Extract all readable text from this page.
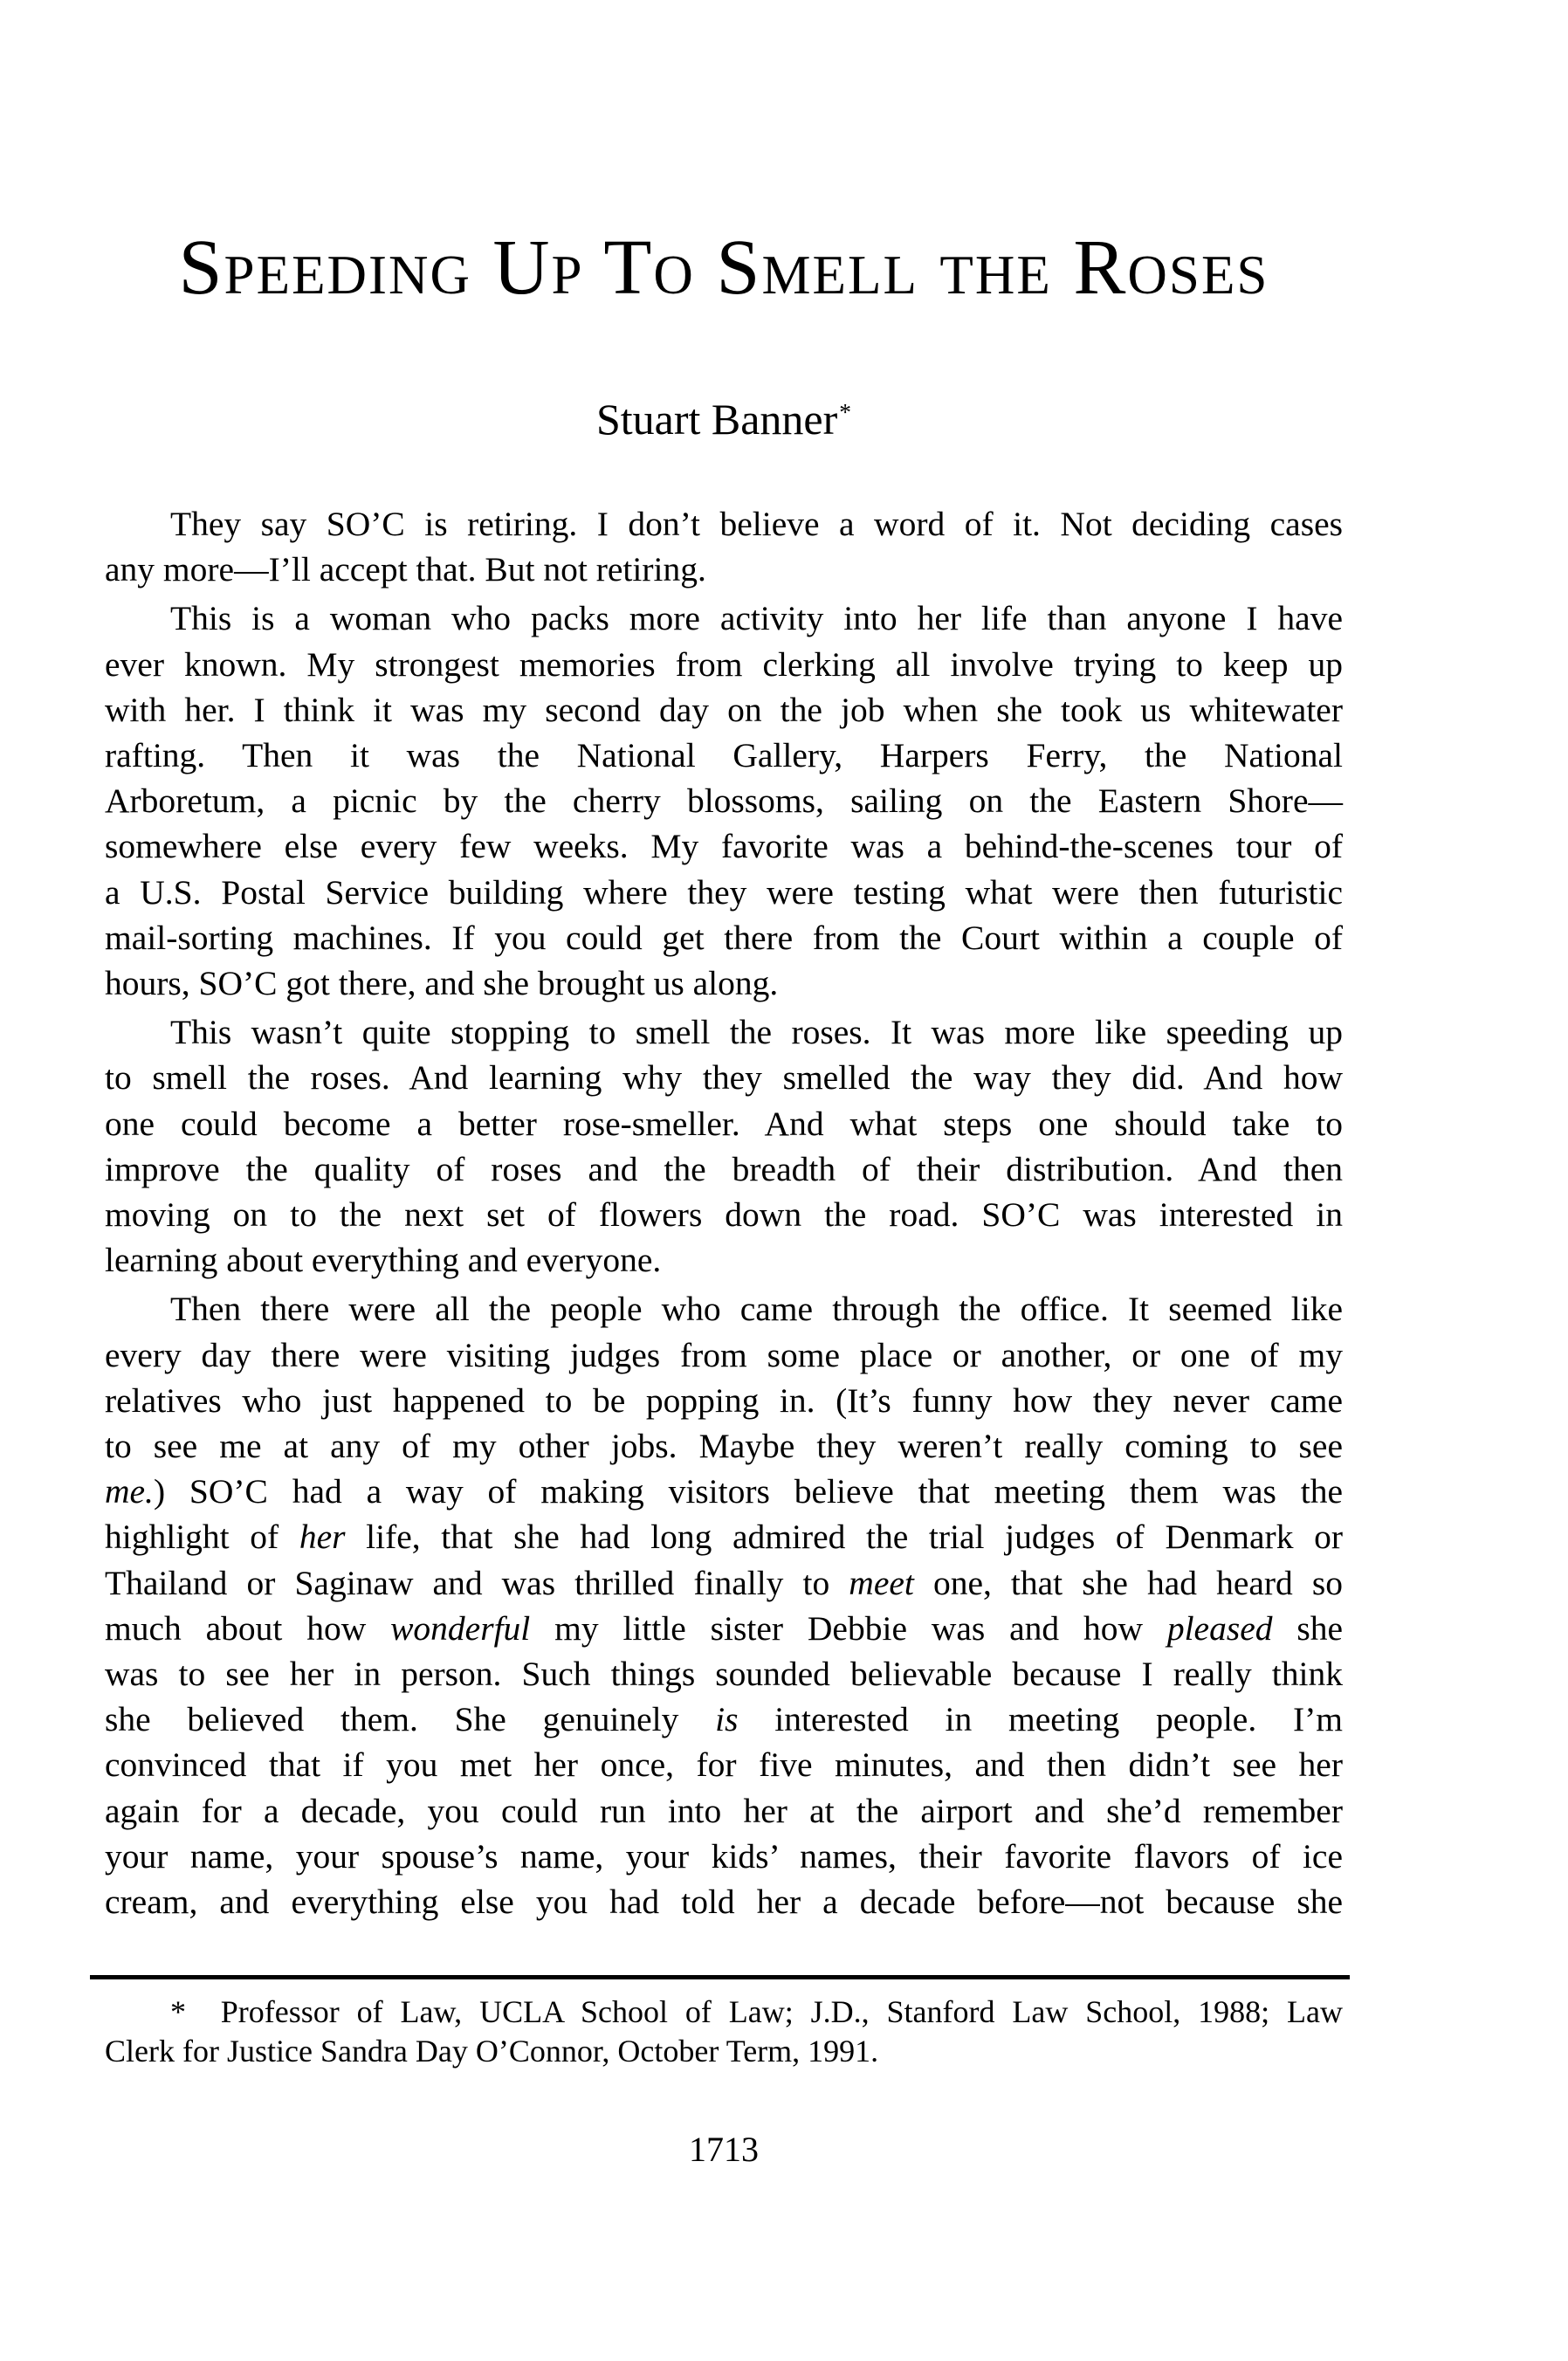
Speeding Up To Smell the Roses
Stuart Banner*
They say SO’C is retiring. I don’t believe a word of it. Not deciding cases
any more—I’ll accept that. But not retiring.
This is a woman who packs more activity into her life than anyone I have
ever known. My strongest memories from clerking all involve trying to keep up
with her. I think it was my second day on the job when she took us whitewater
rafting. Then it was the National Gallery, Harpers Ferry, the National
Arboretum, a picnic by the cherry blossoms, sailing on the Eastern Shore—
somewhere else every few weeks. My favorite was a behind-the-scenes tour of
a U.S. Postal Service building where they were testing what were then futuristic
mail-sorting machines. If you could get there from the Court within a couple of
hours, SO’C got there, and she brought us along.
This wasn’t quite stopping to smell the roses. It was more like speeding up
to smell the roses. And learning why they smelled the way they did. And how
one could become a better rose-smeller. And what steps one should take to
improve the quality of roses and the breadth of their distribution. And then
moving on to the next set of flowers down the road. SO’C was interested in
learning about everything and everyone.
Then there were all the people who came through the office. It seemed like
every day there were visiting judges from some place or another, or one of my
relatives who just happened to be popping in. (It’s funny how they never came
to see me at any of my other jobs. Maybe they weren’t really coming to see
me.) SO’C had a way of making visitors believe that meeting them was the
highlight of her life, that she had long admired the trial judges of Denmark or
Thailand or Saginaw and was thrilled finally to meet one, that she had heard so
much about how wonderful my little sister Debbie was and how pleased she
was to see her in person. Such things sounded believable because I really think
she believed them. She genuinely is interested in meeting people. I’m
convinced that if you met her once, for five minutes, and then didn’t see her
again for a decade, you could run into her at the airport and she’d remember
your name, your spouse’s name, your kids’ names, their favorite flavors of ice
cream, and everything else you had told her a decade before—not because she
*  Professor of Law, UCLA School of Law; J.D., Stanford Law School, 1988; Law
Clerk for Justice Sandra Day O’Connor, October Term, 1991.
1713
